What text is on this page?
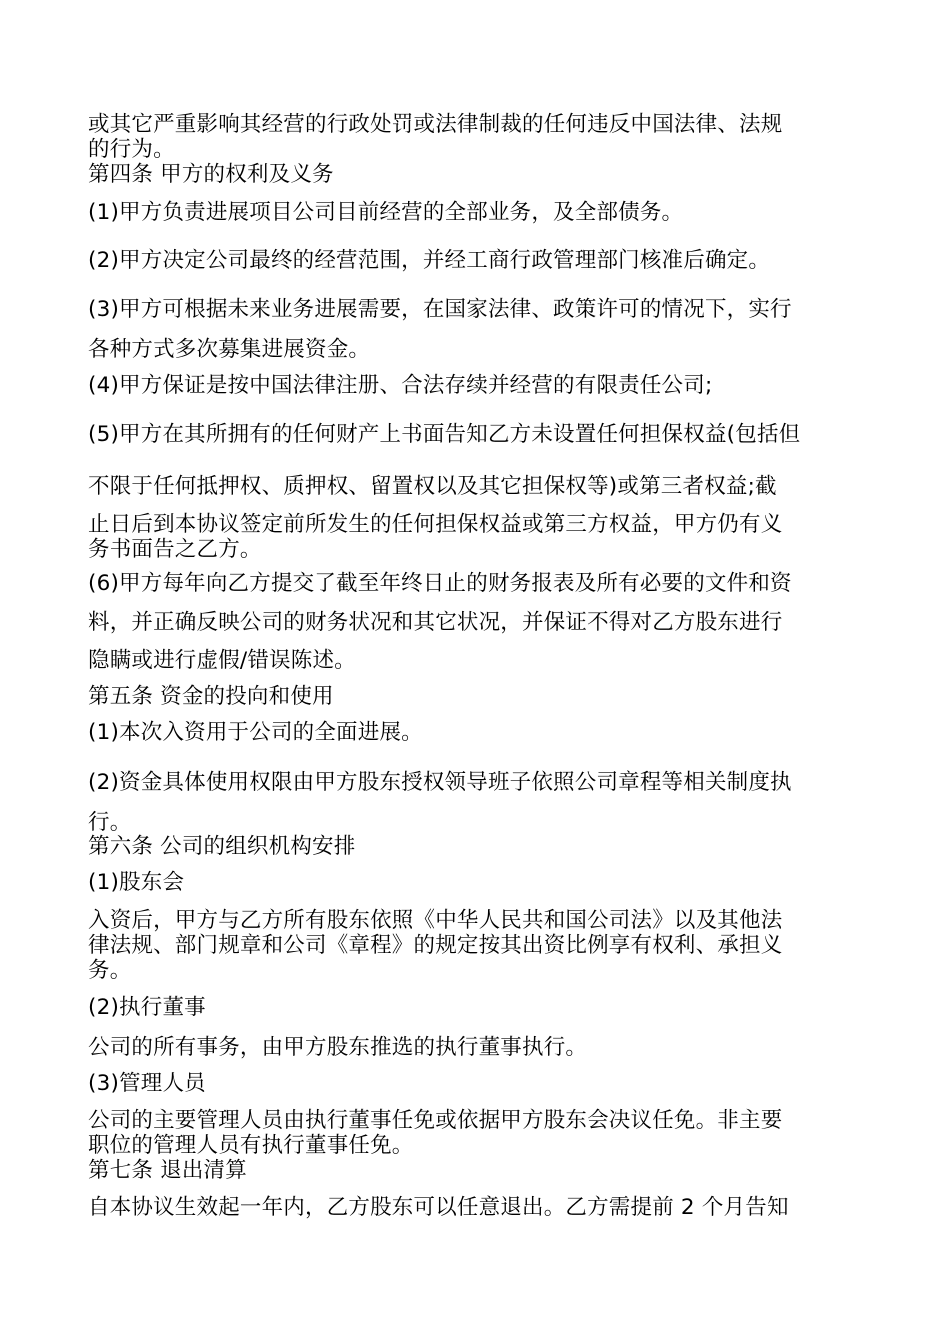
或其它严重影响其经营的行政处罚或法律制裁的任何违反中国法律、法规
的行为。
第四条 甲方的权利及义务
(1)甲方负责进展项目公司目前经营的全部业务，及全部债务。
(2)甲方决定公司最终的经营范围，并经工商行政管理部门核准后确定。
(3)甲方可根据未来业务进展需要，在国家法律、政策许可的情况下，实行
各种方式多次募集进展资金。
(4)甲方保证是按中国法律注册、合法存续并经营的有限责任公司;
(5)甲方在其所拥有的任何财产上书面告知乙方未设置任何担保权益(包括但
不限于任何抵押权、质押权、留置权以及其它担保权等)或第三者权益;截
止日后到本协议签定前所发生的任何担保权益或第三方权益，甲方仍有义
务书面告之乙方。
(6)甲方每年向乙方提交了截至年终日止的财务报表及所有必要的文件和资
料，并正确反映公司的财务状况和其它状况，并保证不得对乙方股东进行
隐瞒或进行虚假/错误陈述。
第五条 资金的投向和使用
(1)本次入资用于公司的全面进展。
(2)资金具体使用权限由甲方股东授权领导班子依照公司章程等相关制度执
行。
第六条 公司的组织机构安排
(1)股东会
入资后，甲方与乙方所有股东依照《中华人民共和国公司法》以及其他法
律法规、部门规章和公司《章程》的规定按其出资比例享有权利、承担义
务。
(2)执行董事
公司的所有事务，由甲方股东推选的执行董事执行。
(3)管理人员
公司的主要管理人员由执行董事任免或依据甲方股东会决议任免。非主要
职位的管理人员有执行董事任免。
第七条 退出清算
自本协议生效起一年内，乙方股东可以任意退出。乙方需提前 2 个月告知
